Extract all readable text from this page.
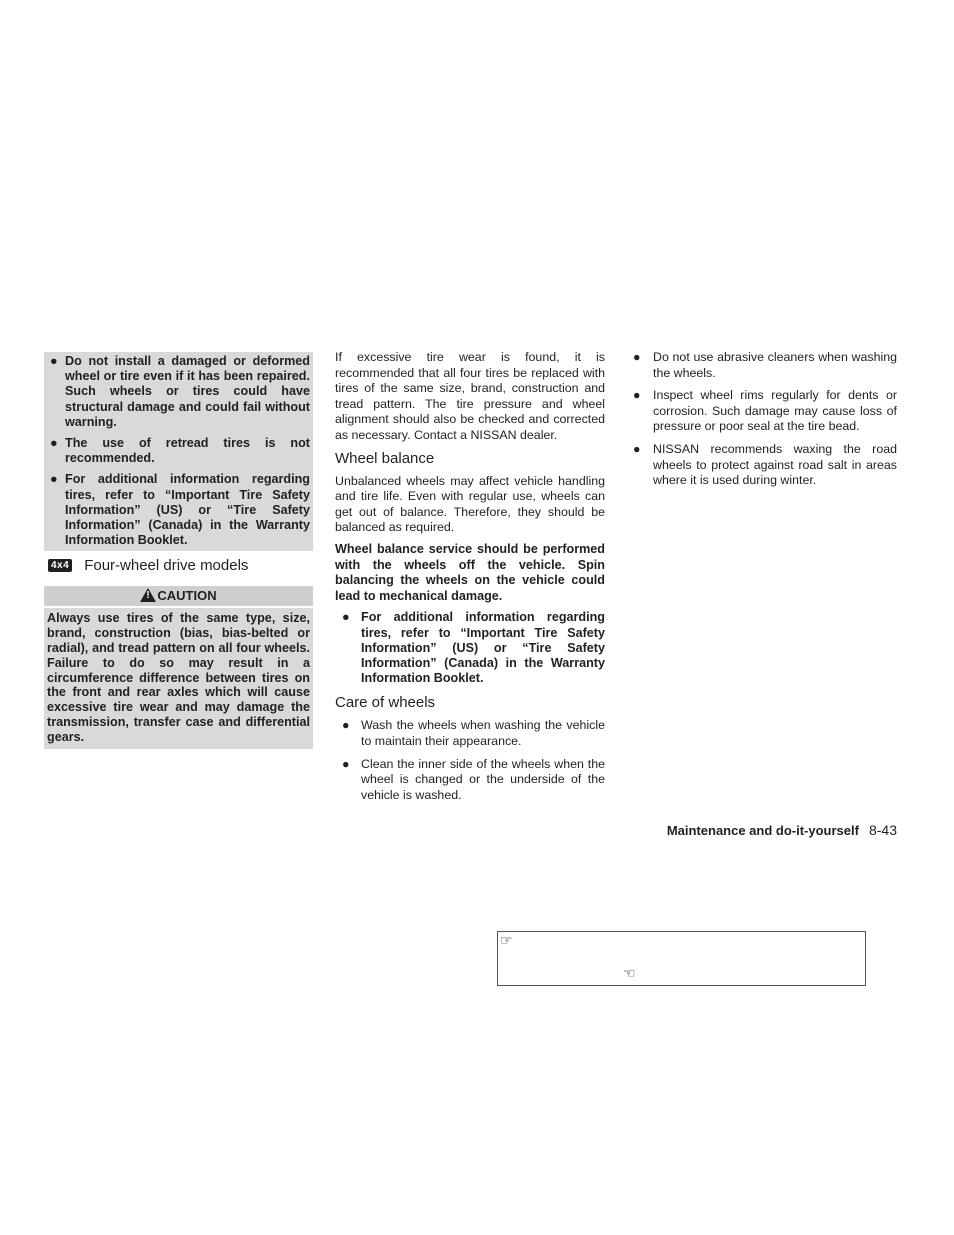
● Do not install a damaged or deformed wheel or tire even if it has been repaired. Such wheels or tires could have structural damage and could fail without warning.
● The use of retread tires is not recommended.
● For additional information regarding tires, refer to “Important Tire Safety Information” (US) or “Tire Safety Information” (Canada) in the Warranty Information Booklet.
4x4 Four-wheel drive models
! CAUTION
Always use tires of the same type, size, brand, construction (bias, bias-belted or radial), and tread pattern on all four wheels. Failure to do so may result in a circumference difference between tires on the front and rear axles which will cause excessive tire wear and may damage the transmission, transfer case and differential gears.
If excessive tire wear is found, it is recommended that all four tires be replaced with tires of the same size, brand, construction and tread pattern. The tire pressure and wheel alignment should also be checked and corrected as necessary. Contact a NISSAN dealer.
Wheel balance
Unbalanced wheels may affect vehicle handling and tire life. Even with regular use, wheels can get out of balance. Therefore, they should be balanced as required.
Wheel balance service should be performed with the wheels off the vehicle. Spin balancing the wheels on the vehicle could lead to mechanical damage.
● For additional information regarding tires, refer to “Important Tire Safety Information” (US) or “Tire Safety Information” (Canada) in the Warranty Information Booklet.
Care of wheels
● Wash the wheels when washing the vehicle to maintain their appearance.
● Clean the inner side of the wheels when the wheel is changed or the underside of the vehicle is washed.
● Do not use abrasive cleaners when washing the wheels.
● Inspect wheel rims regularly for dents or corrosion. Such damage may cause loss of pressure or poor seal at the tire bead.
● NISSAN recommends waxing the road wheels to protect against road salt in areas where it is used during winter.
Maintenance and do-it-yourself 8-43
☞
☜
